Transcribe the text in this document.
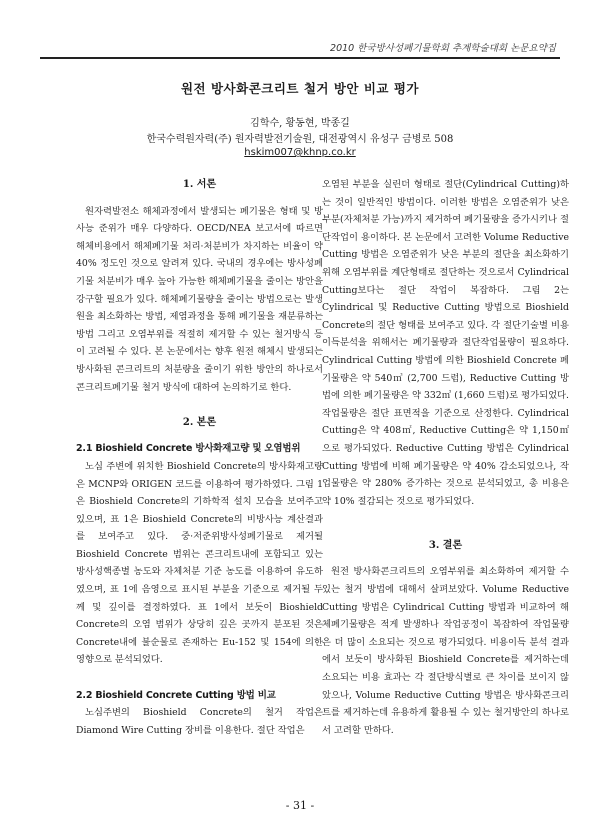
2010 한국방사성폐기물학회 추계학술대회 논문요약집
원전 방사화콘크리트 철거 방안 비교 평가
김학수, 황동현, 박종길
한국수력원자력(주) 원자력발전기술원, 대전광역시 유성구 금병로 508
hskim007@khnp.co.kr
1. 서론

원자력발전소 해체과정에서 발생되는 폐기물은 형태 및 방사능 준위가 매우 다양하다. OECD/NEA 보고서에 따르면 해체비용에서 해체폐기물 처리·처분비가 차지하는 비율이 약 40% 정도인 것으로 알려져 있다. 국내의 경우에는 방사성폐기물 처분비가 매우 높아 가능한 해체폐기물을 줄이는 방안을 강구할 필요가 있다. 해체폐기물량을 줄이는 방법으로는 발생원을 최소화하는 방법, 제염과정을 통해 폐기물을 재분류하는 방법 그리고 오염부위를 적절히 제거할 수 있는 철거방식 등이 고려될 수 있다. 본 논문에서는 향후 원전 해체시 발생되는 방사화된 콘크리트의 처분량을 줄이기 위한 방안의 하나로서 콘크리트폐기물 철거 방식에 대하여 논의하기로 한다.

2. 본론
2.1 Bioshield Concrete 방사화재고량 및 오염범위

노심 주변에 위치한 Bioshield Concrete의 방사화재고량은 MCNP와 ORIGEN 코드를 이용하여 평가하였다. 그림 1은 Bioshield Concrete의 기하학적 설치 모습을 보여주고 있으며, 표 1은 Bioshield Concrete의 비방사능 계산결과를 보여주고 있다. 중·저준위방사성폐기물로 제거될 Bioshield Concrete 범위는 콘크리트내에 포함되고 있는 방사성핵종별 농도와 자체처분 기준 농도를 이용하여 유도하였으며, 표 1에 음영으로 표시된 부분을 기준으로 제거될 두께 및 깊이를 결정하였다. 표 1에서 보듯이 Bioshield Concrete의 오염 범위가 상당히 깊은 곳까지 분포된 것은 Concrete내에 불순물로 존재하는 Eu-152 및 154에 의한 영향으로 분석되었다.

2.2 Bioshield Concrete Cutting 방법 비교

노심주변의 Bioshield Concrete의 철거 작업은 Diamond Wire Cutting 장비를 이용한다. 절단 작업은

오염된 부분을 실린더 형태로 절단(Cylindrical Cutting)하는 것이 일반적인 방법이다. 이러한 방법은 오염준위가 낮은 부분(자체처분 가능)까지 제거하여 폐기물량을 증가시키나 절단작업이 용이하다. 본 논문에서 고려한 Volume Reductive Cutting 방법은 오염준위가 낮은 부분의 절단을 최소화하기 위해 오염부위를 계단형태로 절단하는 것으로서 Cylindrical Cutting보다는 절단 작업이 복잡하다. 그림 2는 Cylindrical 및 Reductive Cutting 방법으로 Bioshield Concrete의 절단 형태를 보여주고 있다. 각 절단기술별 비용이득분석을 위해서는 폐기물량과 절단작업물량이 필요하다. Cylindrical Cutting 방법에 의한 Bioshield Concrete 폐기물량은 약 540㎥ (2,700 드럼), Reductive Cutting 방법에 의한 폐기물량은 약 332㎥ (1,660 드럼)로 평가되었다. 작업물량은 절단 표면적을 기준으로 산정한다. Cylindrical Cutting은 약 408㎡, Reductive Cutting은 약 1,150㎡ 으로 평가되었다. Reductive Cutting 방법은 Cylindrical Cutting 방법에 비해 폐기물량은 약 40% 감소되었으나, 작업물량은 약 280% 증가하는 것으로 분석되었고, 총 비용은 약 10% 절감되는 것으로 평가되었다.

3. 결론

원전 방사화콘크리트의 오염부위를 최소화하여 제거할 수 있는 철거 방법에 대해서 살펴보았다. Volume Reductive Cutting 방법은 Cylindrical Cutting 방법과 비교하여 해체폐기물량은 적게 발생하나 작업공정이 복잡하여 작업물량은 더 많이 소요되는 것으로 평가되었다. 비용이득 분석 결과에서 보듯이 방사화된 Bioshield Concrete를 제거하는데 소요되는 비용 효과는 각 절단방식별로 큰 차이를 보이지 않았으나, Volume Reductive Cutting 방법은 방사화콘크리트를 제거하는데 유용하게 활용될 수 있는 철거방안의 하나로서 고려할 만하다.

- 31 -
